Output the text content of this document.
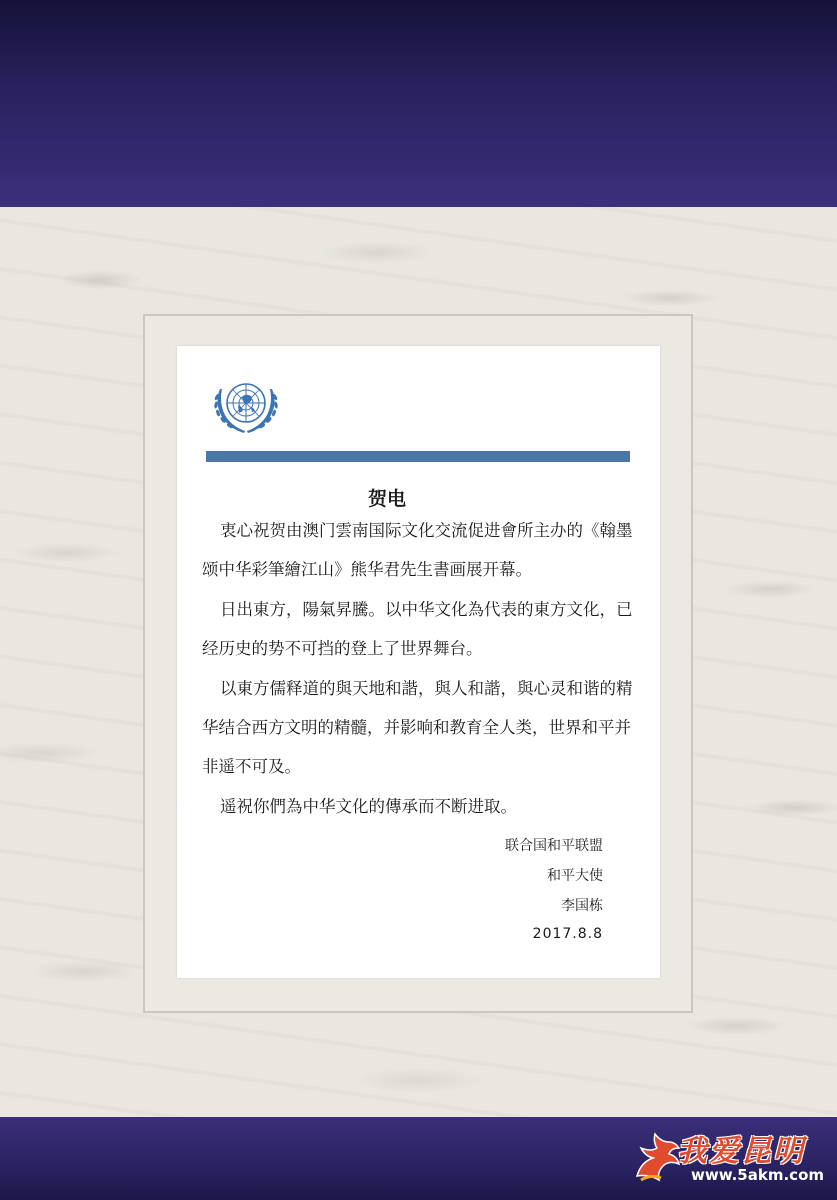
贺电

衷心祝贺由澳门雲南国际文化交流促进會所主办的《翰墨颂中华彩筆繪江山》熊华君先生書画展开幕。

日出東方，陽氣昇騰。以中华文化為代表的東方文化，已经历史的势不可挡的登上了世界舞台。

以東方儒释道的與天地和諧，與人和諧，與心灵和谐的精华结合西方文明的精髓，并影响和教育全人类，世界和平并非遥不可及。

遥祝你們為中华文化的傳承而不断进取。

联合国和平联盟
和平大使
李国栋
2017.8.8
我爱昆明
www.5akm.com
